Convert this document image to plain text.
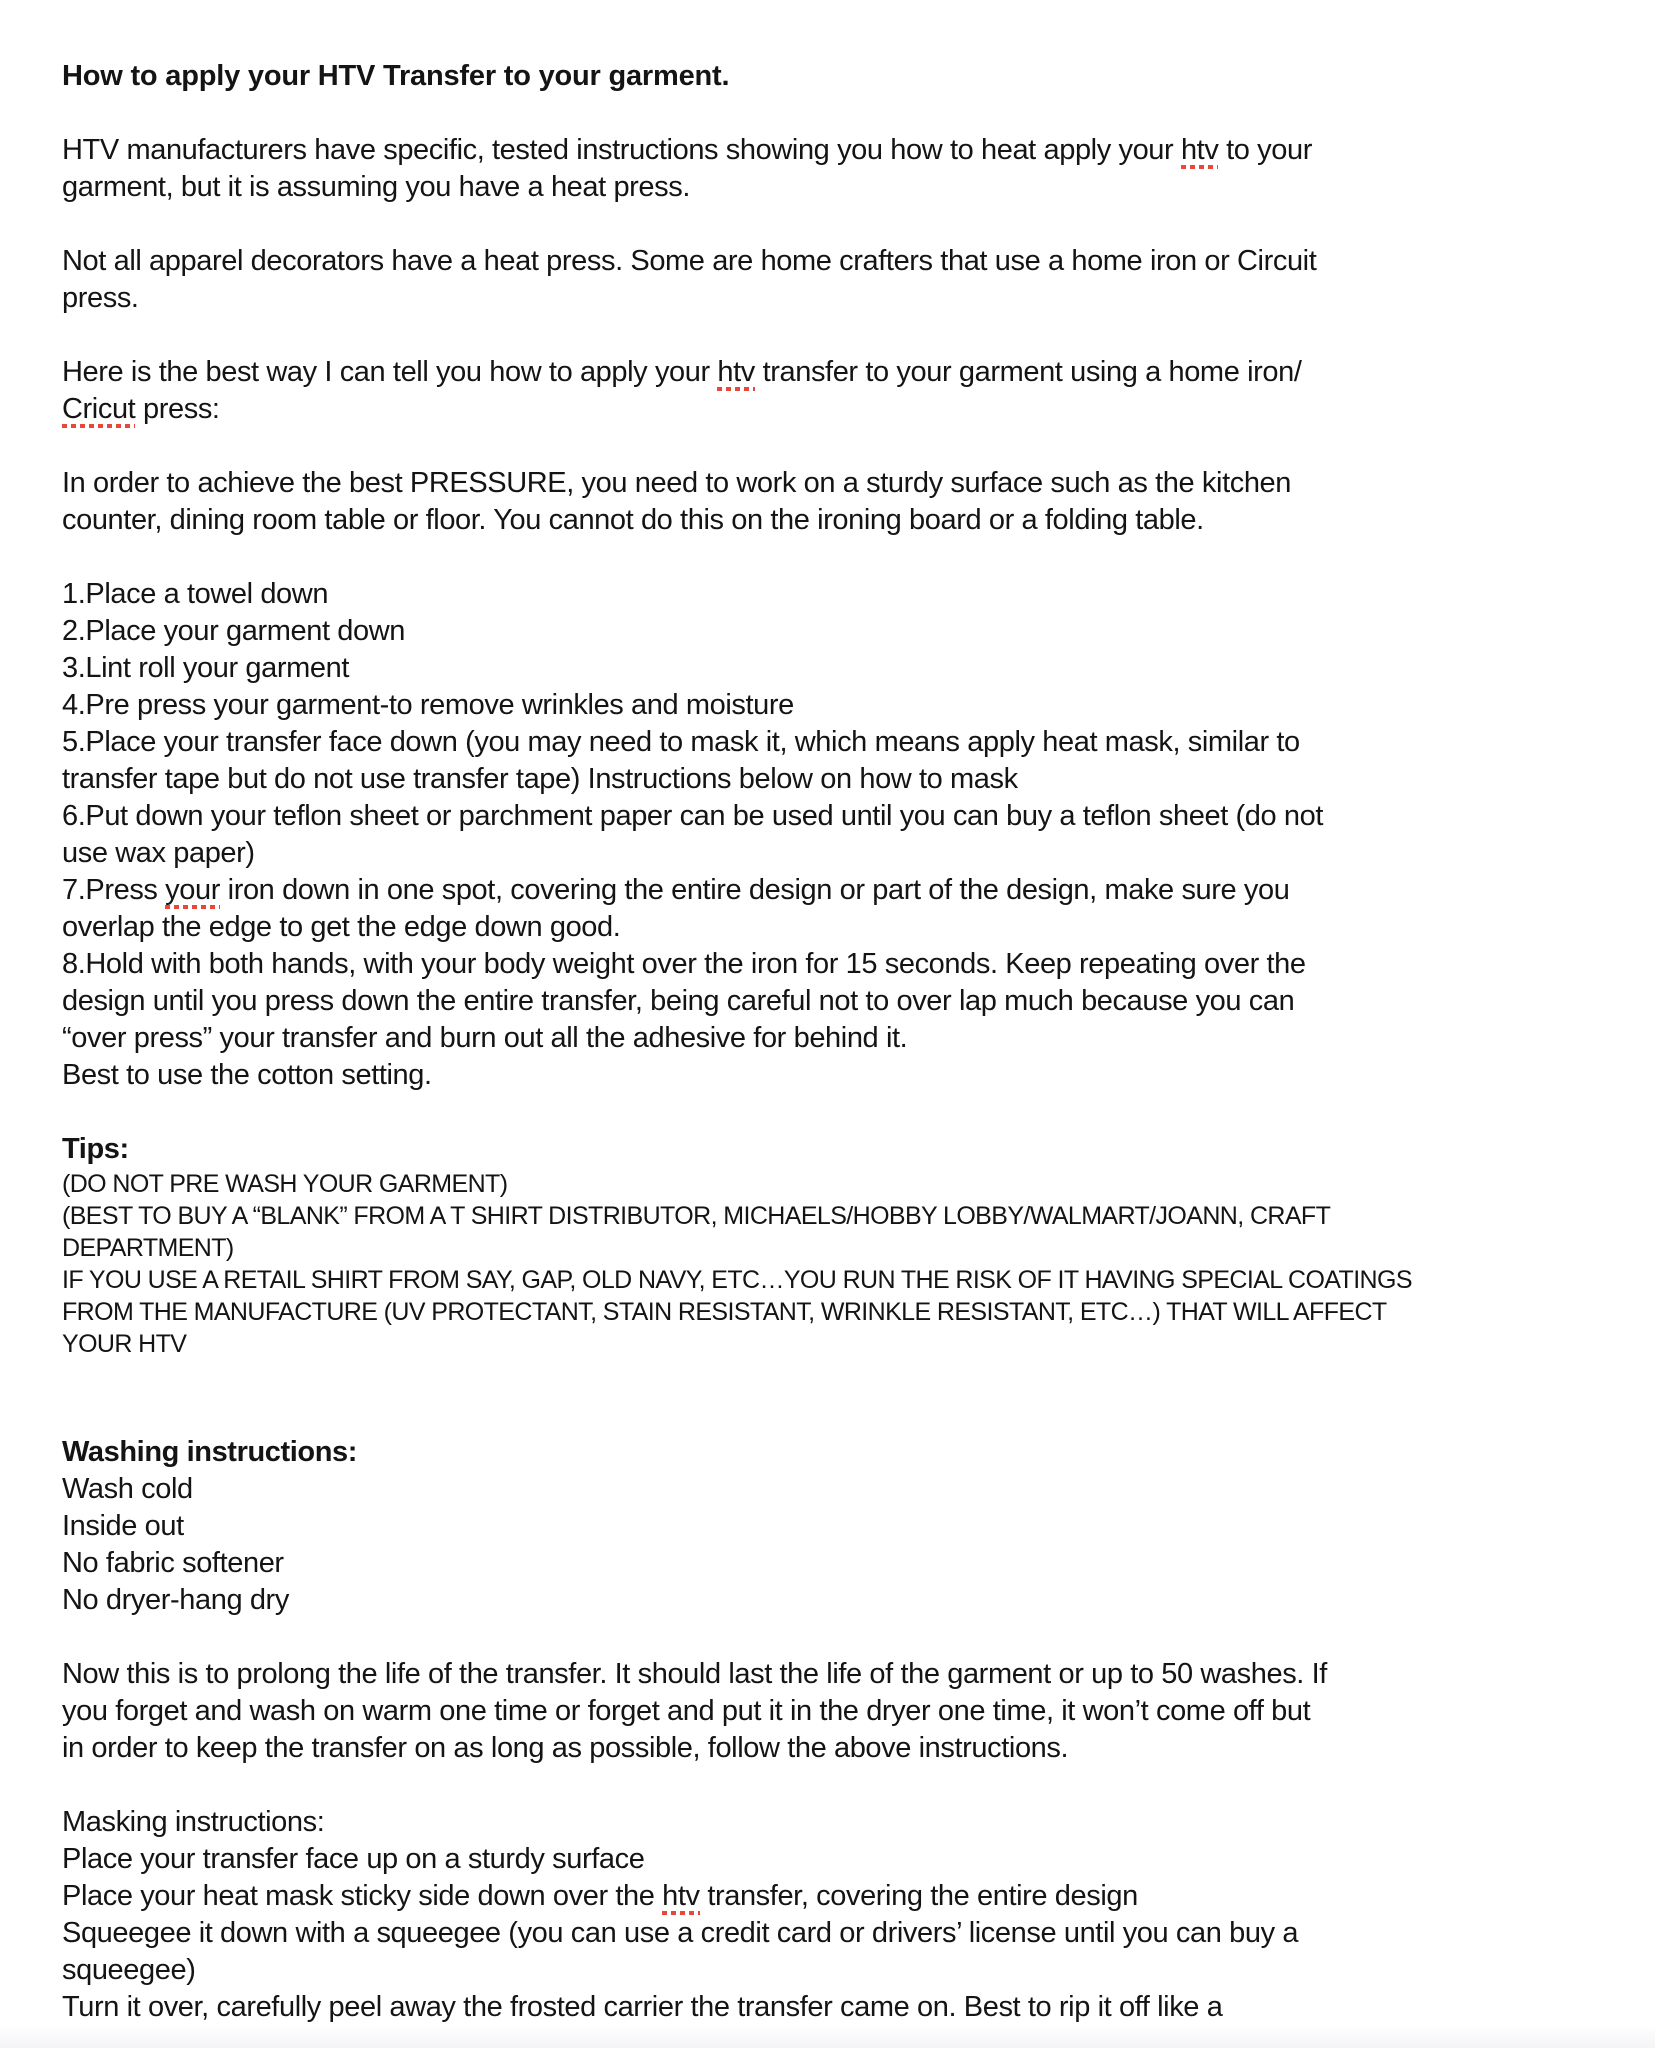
How to apply your HTV Transfer to your garment.
HTV manufacturers have specific, tested instructions showing you how to heat apply your htv to your
garment, but it is assuming you have a heat press.
Not all apparel decorators have a heat press. Some are home crafters that use a home iron or Circuit
press.
Here is the best way I can tell you how to apply your htv transfer to your garment using a home iron/
Cricut press:
In order to achieve the best PRESSURE, you need to work on a sturdy surface such as the kitchen
counter, dining room table or floor. You cannot do this on the ironing board or a folding table.
1.Place a towel down
2.Place your garment down
3.Lint roll your garment
4.Pre press your garment-to remove wrinkles and moisture
5.Place your transfer face down (you may need to mask it, which means apply heat mask, similar to
transfer tape but do not use transfer tape) Instructions below on how to mask
6.Put down your teflon sheet or parchment paper can be used until you can buy a teflon sheet (do not
use wax paper)
7.Press your iron down in one spot, covering the entire design or part of the design, make sure you
overlap the edge to get the edge down good.
8.Hold with both hands, with your body weight over the iron for 15 seconds. Keep repeating over the
design until you press down the entire transfer, being careful not to over lap much because you can
“over press” your transfer and burn out all the adhesive for behind it.
Best to use the cotton setting.
Tips:
(DO NOT PRE WASH YOUR GARMENT)
(BEST TO BUY A “BLANK” FROM A T SHIRT DISTRIBUTOR, MICHAELS/HOBBY LOBBY/WALMART/JOANN, CRAFT
DEPARTMENT)
IF YOU USE A RETAIL SHIRT FROM SAY, GAP, OLD NAVY, ETC…YOU RUN THE RISK OF IT HAVING SPECIAL COATINGS
FROM THE MANUFACTURE (UV PROTECTANT, STAIN RESISTANT, WRINKLE RESISTANT, ETC…) THAT WILL AFFECT
YOUR HTV
Washing instructions:
Wash cold
Inside out
No fabric softener
No dryer-hang dry
Now this is to prolong the life of the transfer. It should last the life of the garment or up to 50 washes. If
you forget and wash on warm one time or forget and put it in the dryer one time, it won’t come off but
in order to keep the transfer on as long as possible, follow the above instructions.
Masking instructions:
Place your transfer face up on a sturdy surface
Place your heat mask sticky side down over the htv transfer, covering the entire design
Squeegee it down with a squeegee (you can use a credit card or drivers’ license until you can buy a
squeegee)
Turn it over, carefully peel away the frosted carrier the transfer came on. Best to rip it off like a
